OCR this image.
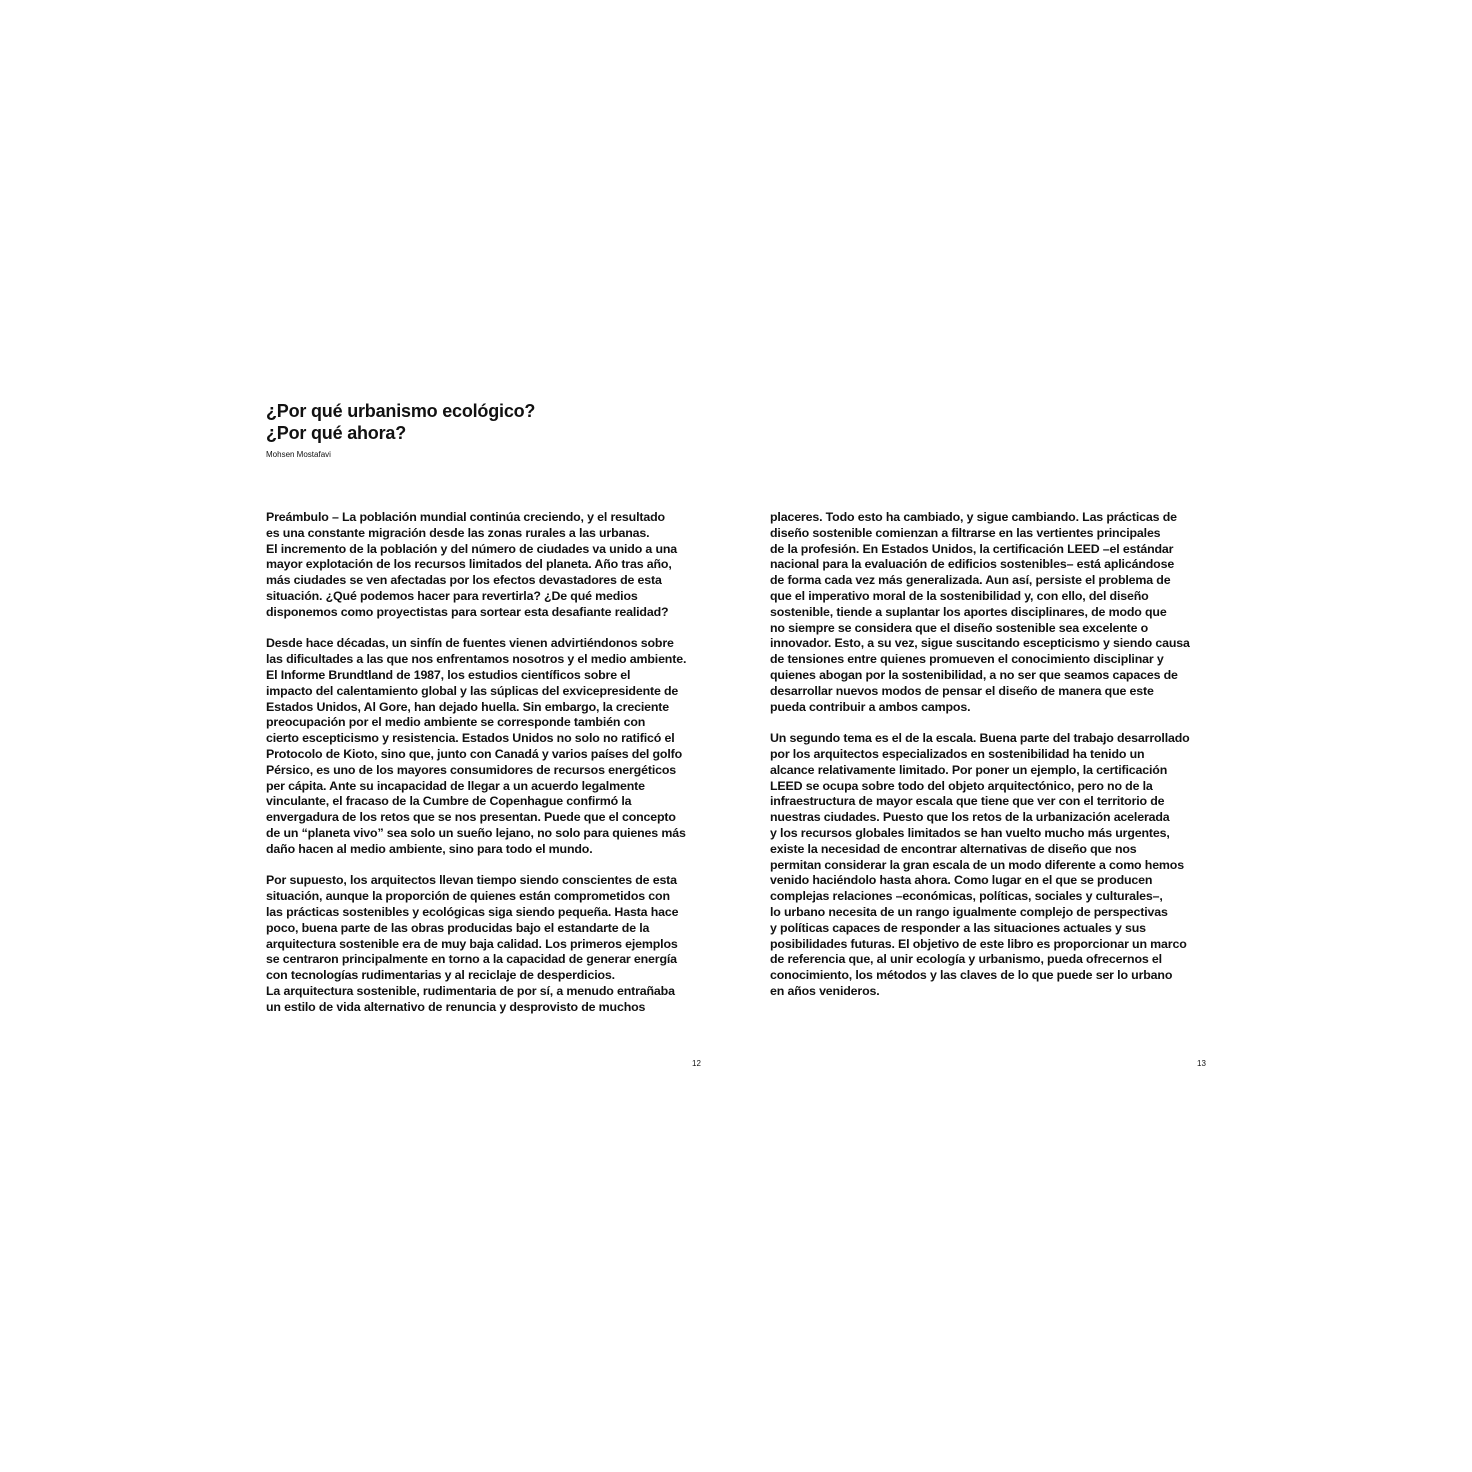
¿Por qué urbanismo ecológico?
¿Por qué ahora?
Mohsen Mostafavi

Preámbulo – La población mundial continúa creciendo, y el resultado
es una constante migración desde las zonas rurales a las urbanas.
El incremento de la población y del número de ciudades va unido a una
mayor explotación de los recursos limitados del planeta. Año tras año,
más ciudades se ven afectadas por los efectos devastadores de esta
situación. ¿Qué podemos hacer para revertirla? ¿De qué medios
disponemos como proyectistas para sortear esta desafiante realidad?

Desde hace décadas, un sinfín de fuentes vienen advirtiéndonos sobre
las dificultades a las que nos enfrentamos nosotros y el medio ambiente.
El Informe Brundtland de 1987, los estudios científicos sobre el
impacto del calentamiento global y las súplicas del exvicepresidente de
Estados Unidos, Al Gore, han dejado huella. Sin embargo, la creciente
preocupación por el medio ambiente se corresponde también con
cierto escepticismo y resistencia. Estados Unidos no solo no ratificó el
Protocolo de Kioto, sino que, junto con Canadá y varios países del golfo
Pérsico, es uno de los mayores consumidores de recursos energéticos
per cápita. Ante su incapacidad de llegar a un acuerdo legalmente
vinculante, el fracaso de la Cumbre de Copenhague confirmó la
envergadura de los retos que se nos presentan. Puede que el concepto
de un “planeta vivo” sea solo un sueño lejano, no solo para quienes más
daño hacen al medio ambiente, sino para todo el mundo.

Por supuesto, los arquitectos llevan tiempo siendo conscientes de esta
situación, aunque la proporción de quienes están comprometidos con
las prácticas sostenibles y ecológicas siga siendo pequeña. Hasta hace
poco, buena parte de las obras producidas bajo el estandarte de la
arquitectura sostenible era de muy baja calidad. Los primeros ejemplos
se centraron principalmente en torno a la capacidad de generar energía
con tecnologías rudimentarias y al reciclaje de desperdicios.
La arquitectura sostenible, rudimentaria de por sí, a menudo entrañaba
un estilo de vida alternativo de renuncia y desprovisto de muchos

placeres. Todo esto ha cambiado, y sigue cambiando. Las prácticas de
diseño sostenible comienzan a filtrarse en las vertientes principales
de la profesión. En Estados Unidos, la certificación LEED –el estándar
nacional para la evaluación de edificios sostenibles– está aplicándose
de forma cada vez más generalizada. Aun así, persiste el problema de
que el imperativo moral de la sostenibilidad y, con ello, del diseño
sostenible, tiende a suplantar los aportes disciplinares, de modo que
no siempre se considera que el diseño sostenible sea excelente o
innovador. Esto, a su vez, sigue suscitando escepticismo y siendo causa
de tensiones entre quienes promueven el conocimiento disciplinar y
quienes abogan por la sostenibilidad, a no ser que seamos capaces de
desarrollar nuevos modos de pensar el diseño de manera que este
pueda contribuir a ambos campos.

Un segundo tema es el de la escala. Buena parte del trabajo desarrollado
por los arquitectos especializados en sostenibilidad ha tenido un
alcance relativamente limitado. Por poner un ejemplo, la certificación
LEED se ocupa sobre todo del objeto arquitectónico, pero no de la
infraestructura de mayor escala que tiene que ver con el territorio de
nuestras ciudades. Puesto que los retos de la urbanización acelerada
y los recursos globales limitados se han vuelto mucho más urgentes,
existe la necesidad de encontrar alternativas de diseño que nos
permitan considerar la gran escala de un modo diferente a como hemos
venido haciéndolo hasta ahora. Como lugar en el que se producen
complejas relaciones –económicas, políticas, sociales y culturales–,
lo urbano necesita de un rango igualmente complejo de perspectivas
y políticas capaces de responder a las situaciones actuales y sus
posibilidades futuras. El objetivo de este libro es proporcionar un marco
de referencia que, al unir ecología y urbanismo, pueda ofrecernos el
conocimiento, los métodos y las claves de lo que puede ser lo urbano
en años venideros.

12	13
